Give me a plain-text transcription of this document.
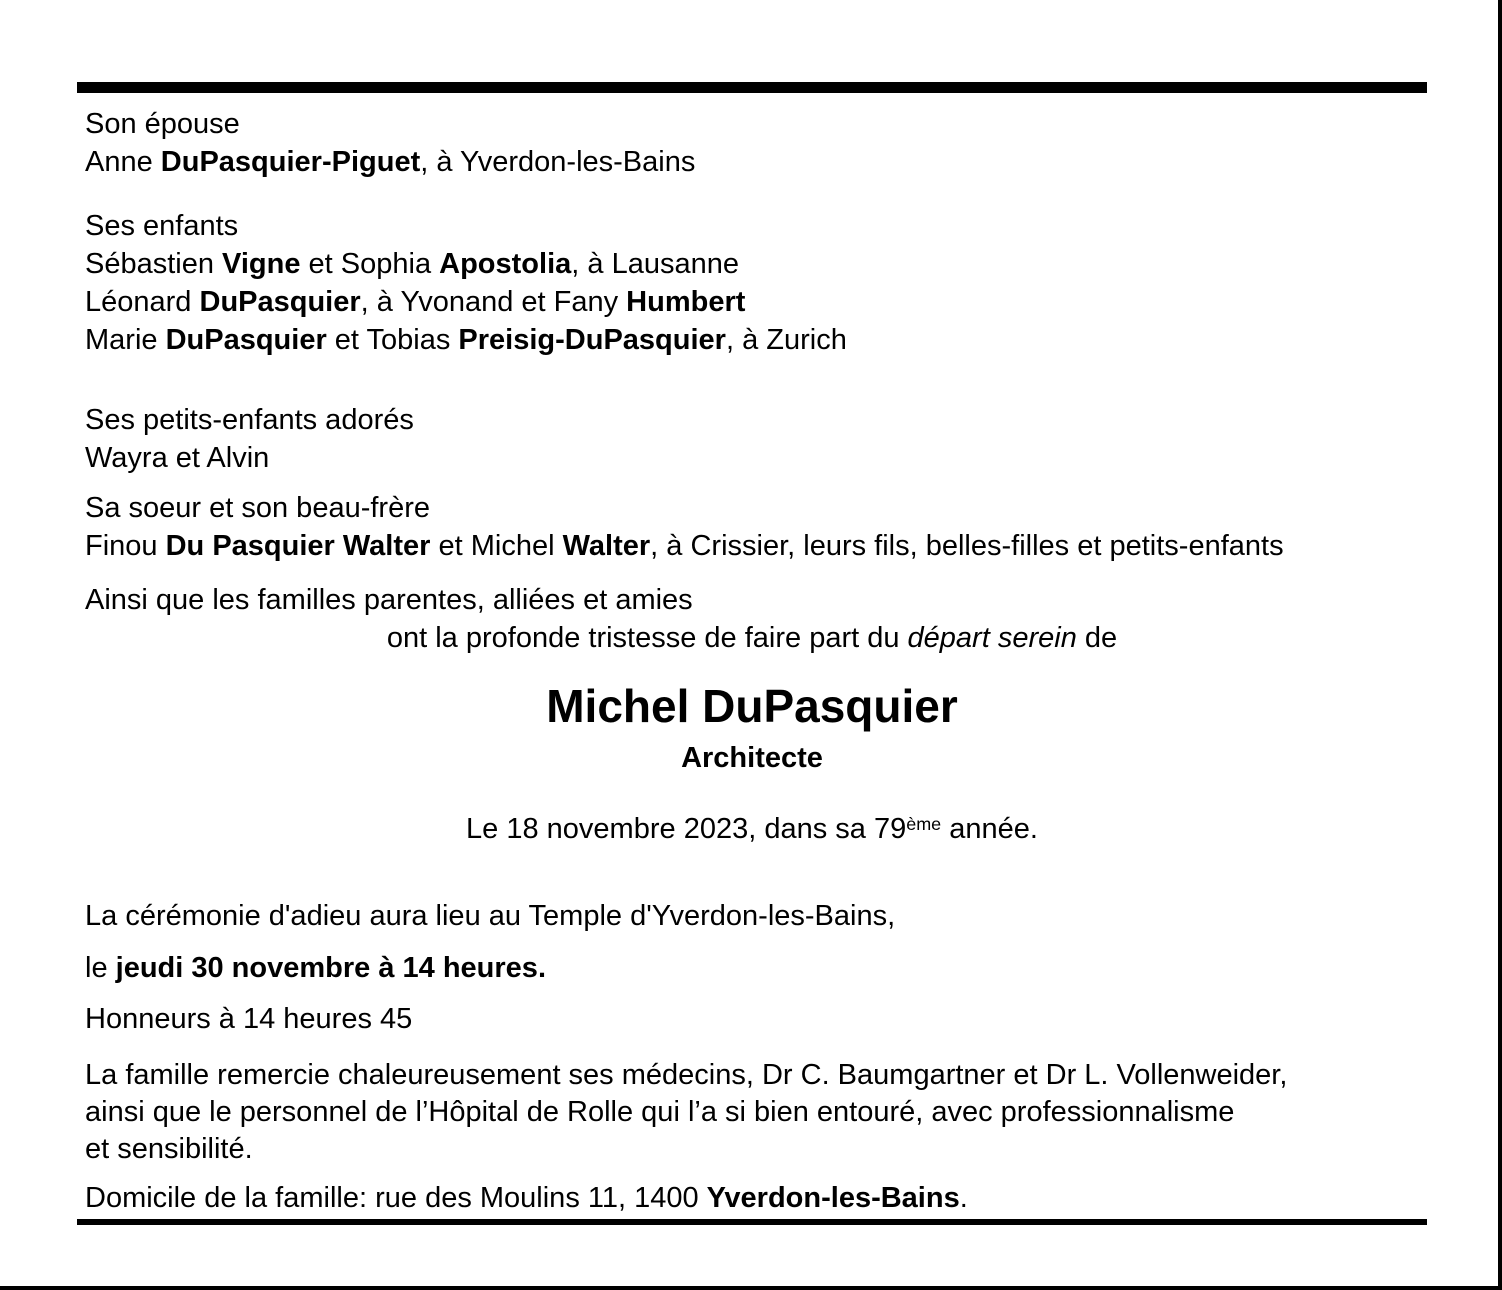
Son épouse
Anne DuPasquier-Piguet, à Yverdon-les-Bains
Ses enfants
Sébastien Vigne et Sophia Apostolia, à Lausanne
Léonard DuPasquier, à Yvonand et Fany Humbert
Marie DuPasquier et Tobias Preisig-DuPasquier, à Zurich
Ses petits-enfants adorés
Wayra et Alvin
Sa soeur et son beau-frère
Finou Du Pasquier Walter et Michel Walter, à Crissier, leurs fils, belles-filles et petits-enfants
Ainsi que les familles parentes, alliées et amies
ont la profonde tristesse de faire part du départ serein de
Michel DuPasquier
Architecte
Le 18 novembre 2023, dans sa 79ème année.
La cérémonie d'adieu aura lieu au Temple d'Yverdon-les-Bains,
le jeudi 30 novembre à 14 heures.
Honneurs à 14 heures 45
La famille remercie chaleureusement ses médecins, Dr C. Baumgartner et Dr L. Vollenweider,
ainsi que le personnel de l’Hôpital de Rolle qui l’a si bien entouré, avec professionnalisme
et sensibilité.
Domicile de la famille: rue des Moulins 11, 1400 Yverdon-les-Bains.
